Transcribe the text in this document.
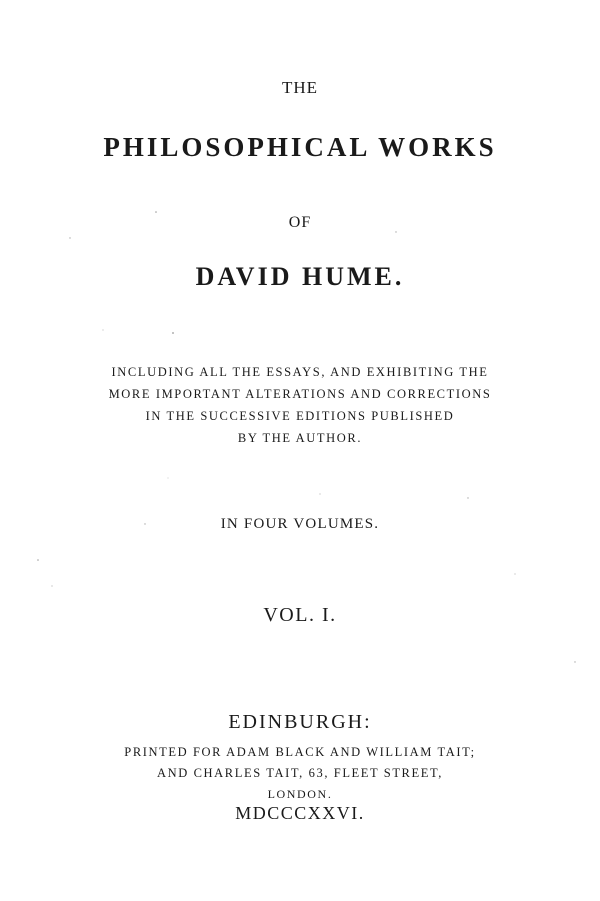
THE
PHILOSOPHICAL WORKS
OF
DAVID HUME.
INCLUDING ALL THE ESSAYS, AND EXHIBITING THE
MORE IMPORTANT ALTERATIONS AND CORRECTIONS
IN THE SUCCESSIVE EDITIONS PUBLISHED
BY THE AUTHOR.
IN FOUR VOLUMES.
VOL. I.
EDINBURGH:
PRINTED FOR ADAM BLACK AND WILLIAM TAIT;
AND CHARLES TAIT, 63, FLEET STREET,
LONDON.
MDCCCXXVI.
